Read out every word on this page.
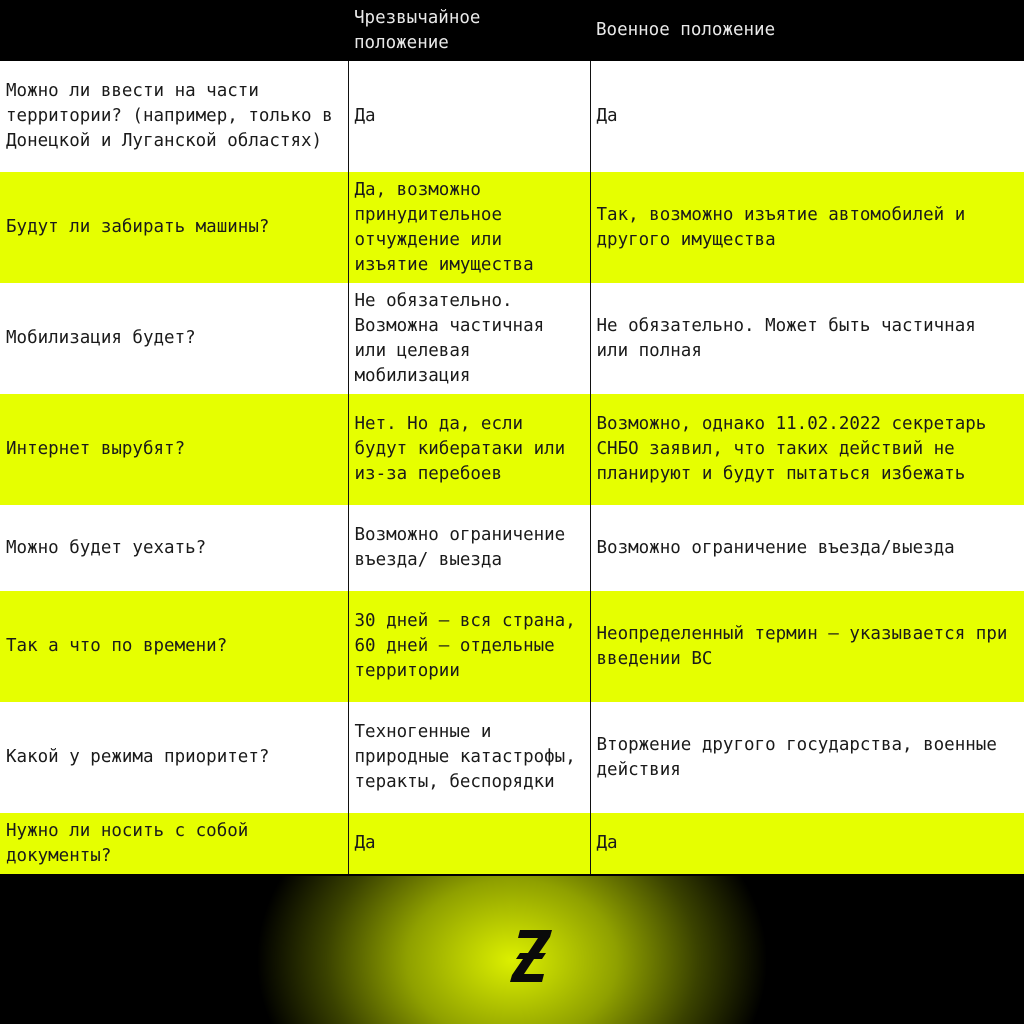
	Чрезвычайное положение	Военное положение
Можно ли ввести на части территории? (например, только в Донецкой и Луганской областях)	Да	Да
Будут ли забирать машины?	Да, возможно принудительное отчуждение или изъятие имущества	Так, возможно изъятие автомобилей и другого имущества
Мобилизация будет?	Не обязательно. Возможна частичная или целевая мобилизация	Не обязательно. Может быть частичная или полная
Интернет вырубят?	Нет. Но да, если будут кибератаки или из-за перебоев	Возможно, однако 11.02.2022 секретарь СНБО заявил, что таких действий не планируют и будут пытаться избежать
Можно будет уехать?	Возможно ограничение въезда/ выезда	Возможно ограничение въезда/выезда
Так а что по времени?	30 дней – вся страна, 60 дней – отдельные территории	Неопределенный термин – указывается при введении ВС
Какой у режима приоритет?	Техногенные и природные катастрофы, теракты, беспорядки	Вторжение другого государства, военные действия
Нужно ли носить с собой документы?	Да	Да
